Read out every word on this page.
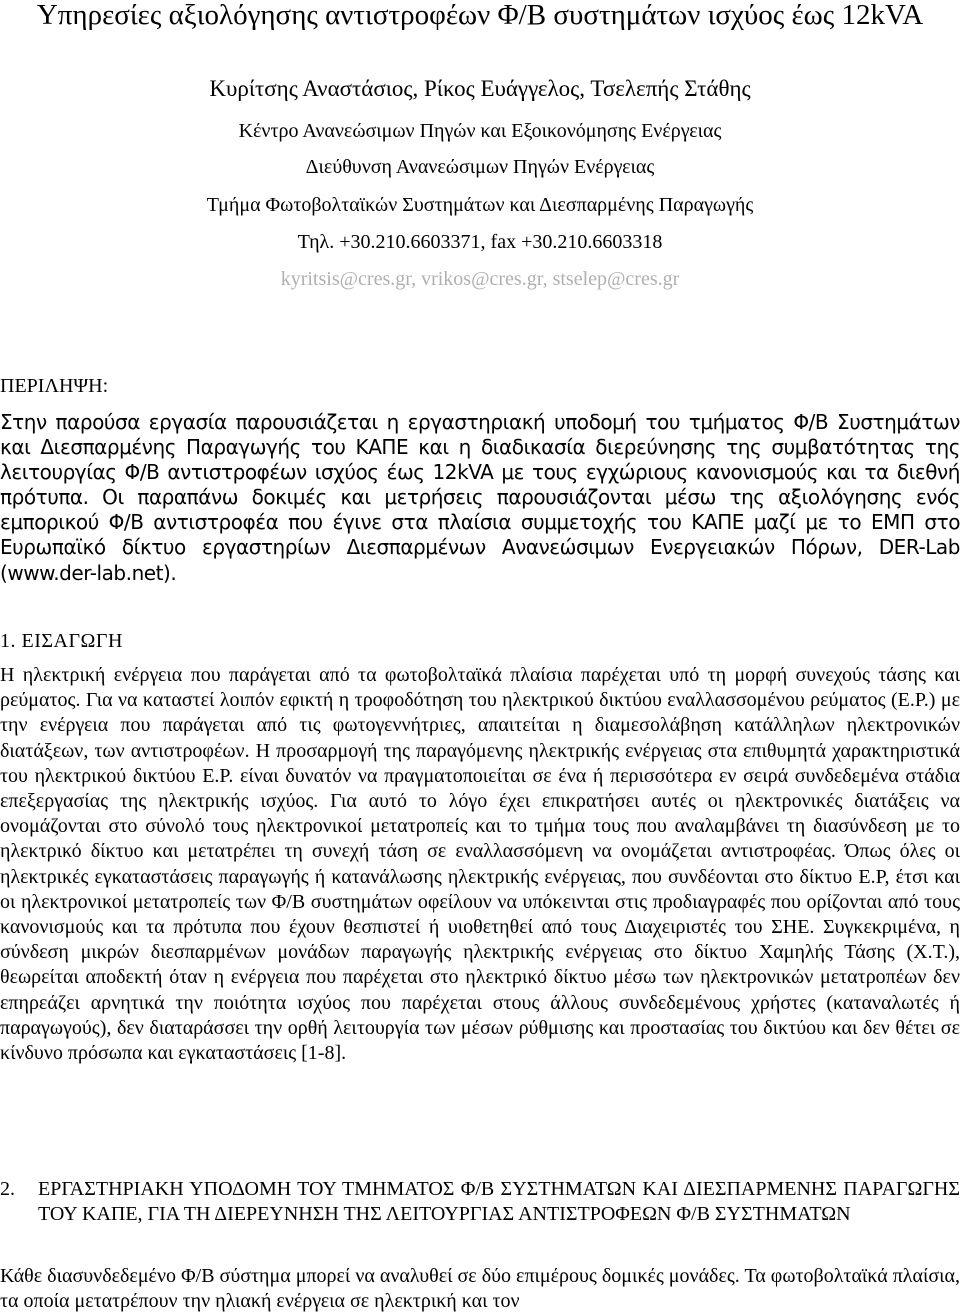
Υπηρεσίες αξιολόγησης αντιστροφέων Φ/Β συστημάτων ισχύος έως 12kVA
Κυρίτσης Αναστάσιος, Ρίκος Ευάγγελος, Τσελεπής Στάθης
Κέντρο Ανανεώσιμων Πηγών και Εξοικονόμησης Ενέργειας
Διεύθυνση Ανανεώσιμων Πηγών Ενέργειας
Τμήμα Φωτοβολταϊκών Συστημάτων και Διεσπαρμένης Παραγωγής
Τηλ. +30.210.6603371, fax +30.210.6603318
kyritsis@cres.gr, vrikos@cres.gr, stselep@cres.gr
ΠΕΡΙΛΗΨΗ:

Στην παρούσα εργασία παρουσιάζεται η εργαστηριακή υποδομή του τμήματος Φ/Β Συστημάτων και Διεσπαρμένης Παραγωγής του ΚΑΠΕ και η διαδικασία διερεύνησης της συμβατότητας της λειτουργίας Φ/Β αντιστροφέων ισχύος έως 12kVA με τους εγχώριους κανονισμούς και τα διεθνή πρότυπα. Οι παραπάνω δοκιμές και μετρήσεις παρουσιάζονται μέσω της αξιολόγησης ενός εμπορικού Φ/Β αντιστροφέα που έγινε στα πλαίσια συμμετοχής του ΚΑΠΕ μαζί με το ΕΜΠ στο Ευρωπαϊκό δίκτυο εργαστηρίων Διεσπαρμένων Ανανεώσιμων Ενεργειακών Πόρων, DER-Lab (www.der-lab.net).

1. ΕΙΣΑΓΩΓΗ

Η ηλεκτρική ενέργεια που παράγεται από τα φωτοβολταϊκά πλαίσια παρέχεται υπό τη μορφή συνεχούς τάσης και ρεύματος. Για να καταστεί λοιπόν εφικτή η τροφοδότηση του ηλεκτρικού δικτύου εναλλασσομένου ρεύματος (Ε.Ρ.) με την ενέργεια που παράγεται από τις φωτογεννήτριες, απαιτείται η διαμεσολάβηση κατάλληλων ηλεκτρονικών διατάξεων, των αντιστροφέων. Η προσαρμογή της παραγόμενης ηλεκτρικής ενέργειας στα επιθυμητά χαρακτηριστικά του ηλεκτρικού δικτύου Ε.Ρ. είναι δυνατόν να πραγματοποιείται σε ένα ή περισσότερα εν σειρά συνδεδεμένα στάδια επεξεργασίας της ηλεκτρικής ισχύος. Για αυτό το λόγο έχει επικρατήσει αυτές οι ηλεκτρονικές διατάξεις να ονομάζονται στο σύνολό τους ηλεκτρονικοί μετατροπείς και το τμήμα τους που αναλαμβάνει τη διασύνδεση με το ηλεκτρικό δίκτυο και μετατρέπει τη συνεχή τάση σε εναλλασσόμενη να ονομάζεται αντιστροφέας. Όπως όλες οι ηλεκτρικές εγκαταστάσεις παραγωγής ή κατανάλωσης ηλεκτρικής ενέργειας, που συνδέονται στο δίκτυο Ε.Ρ, έτσι και οι ηλεκτρονικοί μετατροπείς των Φ/Β συστημάτων οφείλουν να υπόκεινται στις προδιαγραφές που ορίζονται από τους κανονισμούς και τα πρότυπα που έχουν θεσπιστεί ή υιοθετηθεί από τους Διαχειριστές του ΣΗΕ. Συγκεκριμένα, η σύνδεση μικρών διεσπαρμένων μονάδων παραγωγής ηλεκτρικής ενέργειας στο δίκτυο Χαμηλής Τάσης (Χ.Τ.), θεωρείται αποδεκτή όταν η ενέργεια που παρέχεται στο ηλεκτρικό δίκτυο μέσω των ηλεκτρονικών μετατροπέων δεν επηρεάζει αρνητικά την ποιότητα ισχύος που παρέχεται στους άλλους συνδεδεμένους χρήστες (καταναλωτές ή παραγωγούς), δεν διαταράσσει την ορθή λειτουργία των μέσων ρύθμισης και προστασίας του δικτύου και δεν θέτει σε κίνδυνο πρόσωπα και εγκαταστάσεις [1-8].

2. ΕΡΓΑΣΤΗΡΙΑΚΗ ΥΠΟΔΟΜΗ ΤΟΥ ΤΜΗΜΑΤΟΣ Φ/Β ΣΥΣΤΗΜΑΤΩΝ ΚΑΙ ΔΙΕΣΠΑΡΜΕΝΗΣ ΠΑΡΑΓΩΓΗΣ ΤΟΥ ΚΑΠΕ, ΓΙΑ ΤΗ ΔΙΕΡΕΥΝΗΣΗ ΤΗΣ ΛΕΙΤΟΥΡΓΙΑΣ ΑΝΤΙΣΤΡΟΦΕΩΝ Φ/Β ΣΥΣΤΗΜΑΤΩΝ

Κάθε διασυνδεδεμένο Φ/Β σύστημα μπορεί να αναλυθεί σε δύο επιμέρους δομικές μονάδες. Τα φωτοβολταϊκά πλαίσια, τα οποία μετατρέπουν την ηλιακή ενέργεια σε ηλεκτρική και τον
